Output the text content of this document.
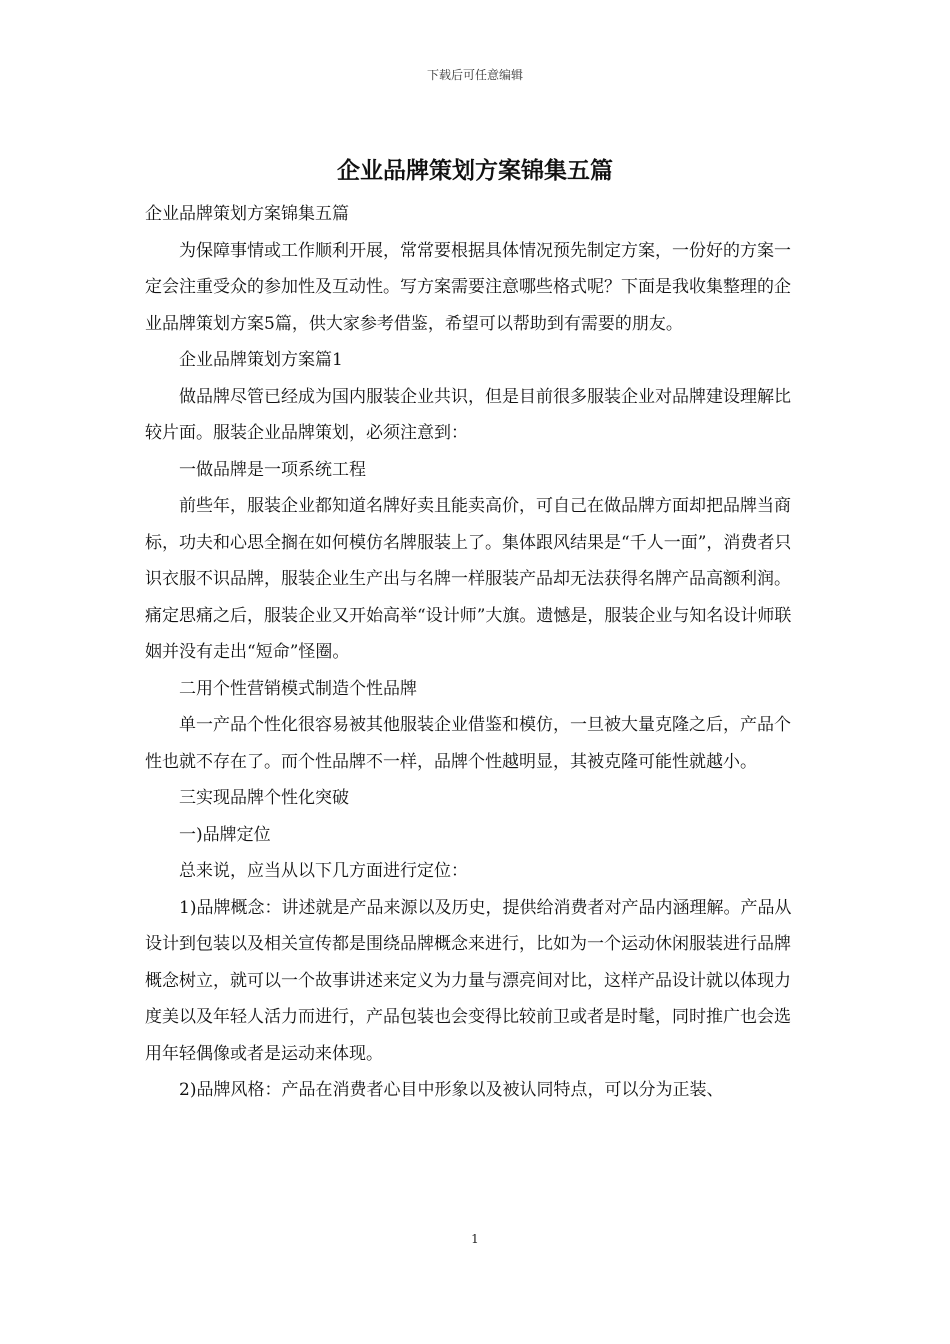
下载后可任意编辑
企业品牌策划方案锦集五篇

企业品牌策划方案锦集五篇

为保障事情或工作顺利开展，常常要根据具体情况预先制定方案，一份好的方案一定会注重受众的参加性及互动性。写方案需要注意哪些格式呢？下面是我收集整理的企业品牌策划方案5篇，供大家参考借鉴，希望可以帮助到有需要的朋友。

企业品牌策划方案篇1

做品牌尽管已经成为国内服装企业共识，但是目前很多服装企业对品牌建设理解比较片面。服装企业品牌策划，必须注意到：

一做品牌是一项系统工程

前些年，服装企业都知道名牌好卖且能卖高价，可自己在做品牌方面却把品牌当商标，功夫和心思全搁在如何模仿名牌服装上了。集体跟风结果是“千人一面”，消费者只识衣服不识品牌，服装企业生产出与名牌一样服装产品却无法获得名牌产品高额利润。痛定思痛之后，服装企业又开始高举“设计师”大旗。遗憾是，服装企业与知名设计师联姻并没有走出“短命”怪圈。

二用个性营销模式制造个性品牌

单一产品个性化很容易被其他服装企业借鉴和模仿，一旦被大量克隆之后，产品个性也就不存在了。而个性品牌不一样，品牌个性越明显，其被克隆可能性就越小。

三实现品牌个性化突破

一)品牌定位

总来说，应当从以下几方面进行定位：

1)品牌概念：讲述就是产品来源以及历史，提供给消费者对产品内涵理解。产品从设计到包装以及相关宣传都是围绕品牌概念来进行，比如为一个运动休闲服装进行品牌概念树立，就可以一个故事讲述来定义为力量与漂亮间对比，这样产品设计就以体现力度美以及年轻人活力而进行，产品包装也会变得比较前卫或者是时髦，同时推广也会选用年轻偶像或者是运动来体现。

2)品牌风格：产品在消费者心目中形象以及被认同特点，可以分为正装、

1
